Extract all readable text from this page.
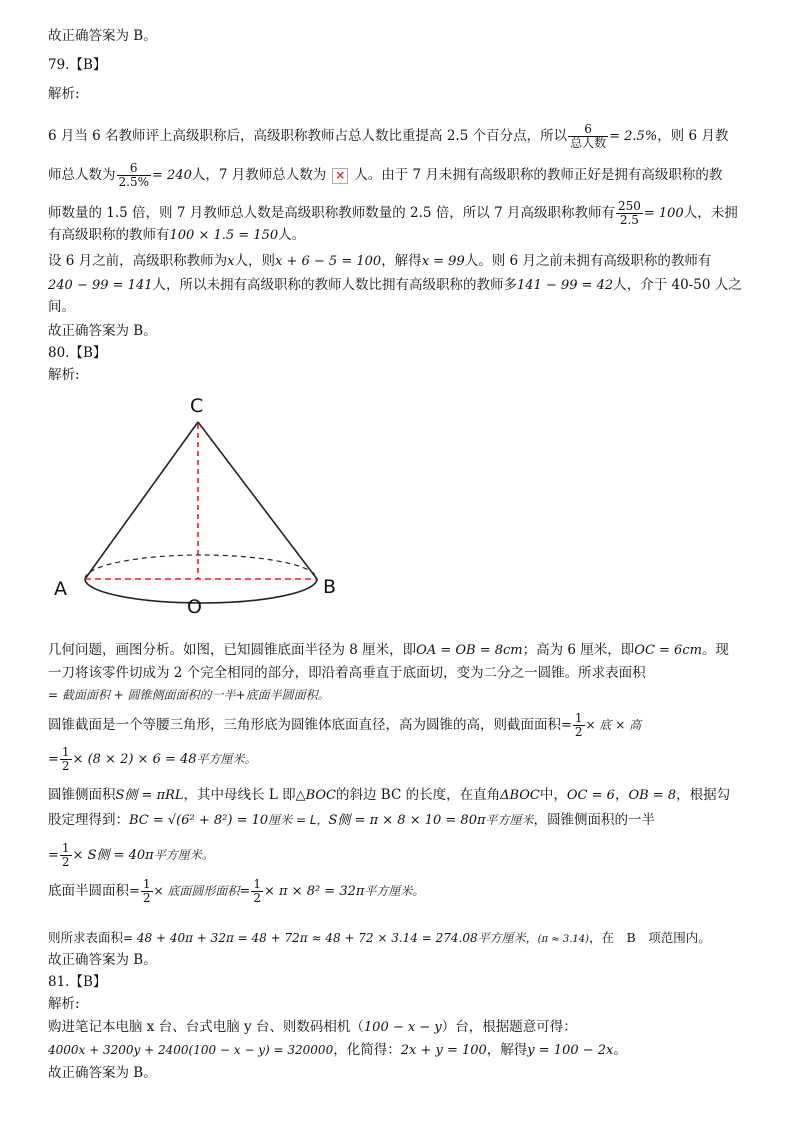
故正确答案为 B。
79.【B】
解析:
6 月当 6 名教师评上高级职称后，高级职称教师占总人数比重提高 2.5 个百分点，所以 $\frac{6}{\text{总人数}} = 2.5\%$，则 6 月教
师总人数为 $\frac{6}{2.5\%} = 240$人，7 月教师总人数为× 人。由于 7 月未拥有高级职称的教师正好是拥有高级职称的教
师数量的 1.5 倍，则 7 月教师总人数是高级职称教师数量的 2.5 倍，所以 7 月高级职称教师有 $\frac{250}{2.5} = 100$人，未拥
有高级职称的教师有100 × 1.5 = 150人。
设 6 月之前，高级职称教师为x人，则x + 6 − 5 = 100，解得x = 99人。则 6 月之前未拥有高级职称的教师有
240 − 99 = 141人，所以未拥有高级职称的教师人数比拥有高级职称的教师多141 − 99 = 42人，介于 40-50 人之
间。
故正确答案为 B。
80.【B】
解析:
C
A	B
O
几何问题，画图分析。如图，已知圆锥底面半径为 8 厘米，即OA = OB = 8cm；高为 6 厘米，即OC = 6cm。现
一刀将该零件切成为 2 个完全相同的部分，即沿着高垂直于底面切，变为二分之一圆锥。所求表面积
= 截面面积 + 圆锥侧面面积的一半+底面半圆面积。
圆锥截面是一个等腰三角形，三角形底为圆锥体底面直径，高为圆锥的高，则截面面积= $\frac{1}{2}$ × 底 × 高
= $\frac{1}{2} \times (8 \times 2) \times 6 = 48$平方厘米。
圆锥侧面积S侧 = πRL，其中母线长 L 即△BOC的斜边 BC 的长度，在直角ΔBOC中，OC = 6，OB = 8，根据勾
股定理得到：BC = √(6² + 8²) = 10厘米 = L，S侧 = π × 8 × 10 = 80π平方厘米，圆锥侧面积的一半
= $\frac{1}{2} \times S$侧 = 40π平方厘米。
底面半圆面积= $\frac{1}{2}$ × 底面圆形面积= $\frac{1}{2} \times \pi \times 8^2 = 32\pi$平方厘米。
则所求表面积= 48 + 40π + 32π = 48 + 72π ≈ 48 + 72 × 3.14 = 274.08平方厘米，(π ≈ 3.14)，在　B　项范围内。
故正确答案为 B。
81.【B】
解析:
购进笔记本电脑 x 台、台式电脑 y 台、则数码相机（100 − x − y）台，根据题意可得：
4000x + 3200y + 2400(100 − x − y) = 320000，化简得：2x + y = 100，解得y = 100 − 2x。
故正确答案为 B。
